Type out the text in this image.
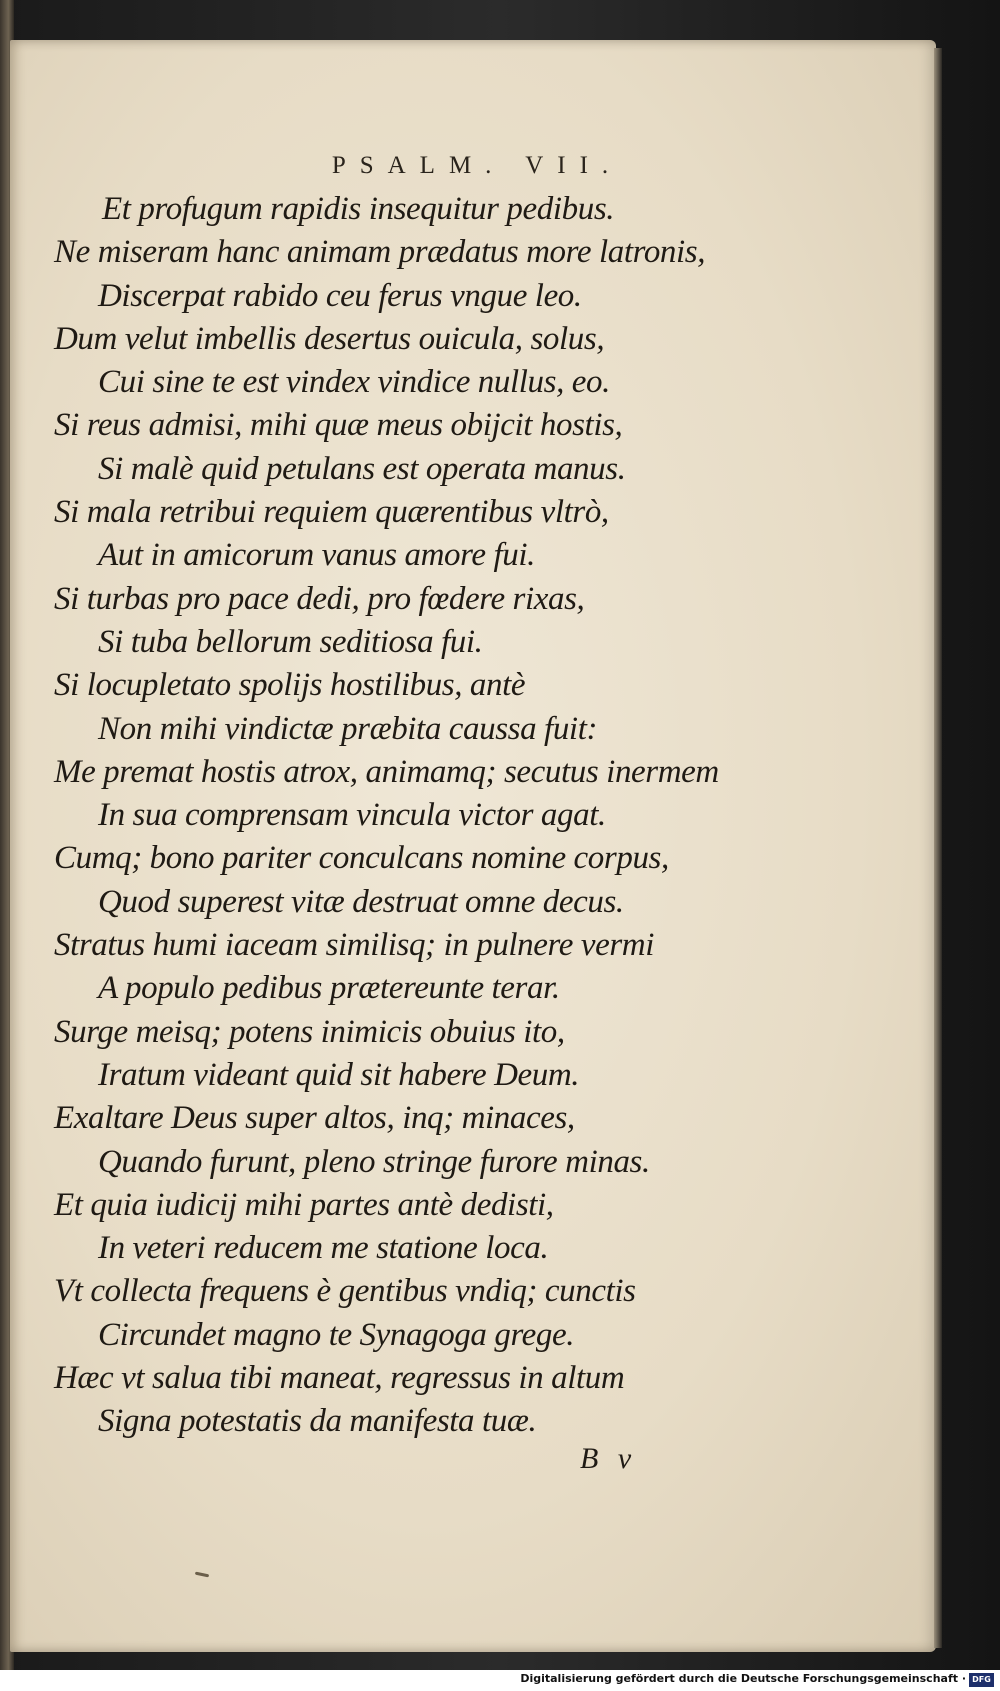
PSALM. VII.
Et profugum rapidis insequitur pedibus.
Ne miseram hanc animam prædatus more latronis,
Discerpat rabido ceu ferus vngue leo.
Dum velut imbellis desertus ouicula, solus,
Cui sine te est vindex vindice nullus, eo.
Si reus admisi, mihi quæ meus obijcit hostis,
Si malè quid petulans est operata manus.
Si mala retribui requiem quærentibus vltrò,
Aut in amicorum vanus amore fui.
Si turbas pro pace dedi, pro fœdere rixas,
Si tuba bellorum seditiosa fui.
Si locupletato spolijs hostilibus, antè
Non mihi vindictæ præbita caussa fuit:
Me premat hostis atrox, animamq; secutus inermem
In sua comprensam vincula victor agat.
Cumq; bono pariter conculcans nomine corpus,
Quod superest vitæ destruat omne decus.
Stratus humi iaceam similisq; in pulnere vermi
A populo pedibus prætereunte terar.
Surge meisq; potens inimicis obuius ito,
Iratum videant quid sit habere Deum.
Exaltare Deus super altos, inq; minaces,
Quando furunt, pleno stringe furore minas.
Et quia iudicij mihi partes antè dedisti,
In veteri reducem me statione loca.
Vt collecta frequens è gentibus vndiq; cunctis
Circundet magno te Synagoga grege.
Hæc vt salua tibi maneat, regressus in altum
Signa potestatis da manifesta tuæ.
B v
Digitalisierung gefördert durch die Deutsche Forschungsgemeinschaft · DFG
